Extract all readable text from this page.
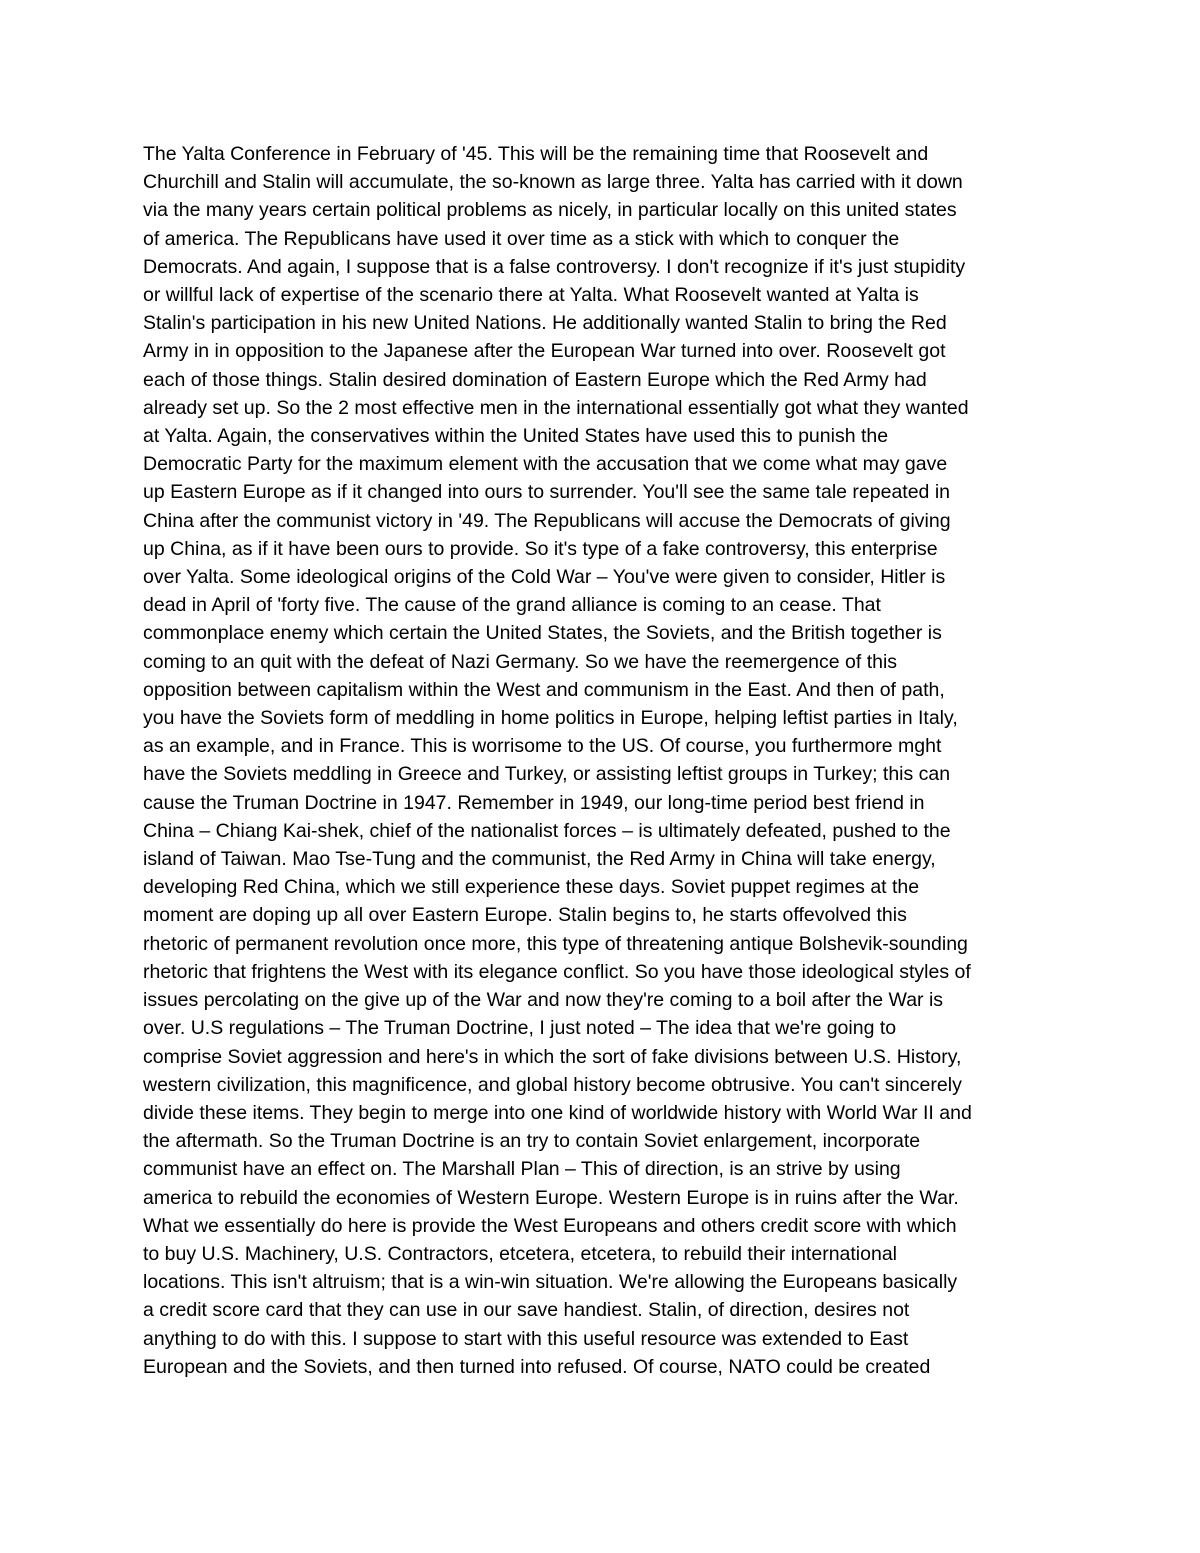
The Yalta Conference in February of '45. This will be the remaining time that Roosevelt and
Churchill and Stalin will accumulate, the so-known as large three. Yalta has carried with it down
via the many years certain political problems as nicely, in particular locally on this united states
of america. The Republicans have used it over time as a stick with which to conquer the
Democrats. And again, I suppose that is a false controversy. I don't recognize if it's just stupidity
or willful lack of expertise of the scenario there at Yalta. What Roosevelt wanted at Yalta is
Stalin's participation in his new United Nations. He additionally wanted Stalin to bring the Red
Army in in opposition to the Japanese after the European War turned into over. Roosevelt got
each of those things. Stalin desired domination of Eastern Europe which the Red Army had
already set up. So the 2 most effective men in the international essentially got what they wanted
at Yalta. Again, the conservatives within the United States have used this to punish the
Democratic Party for the maximum element with the accusation that we come what may gave
up Eastern Europe as if it changed into ours to surrender. You'll see the same tale repeated in
China after the communist victory in '49. The Republicans will accuse the Democrats of giving
up China, as if it have been ours to provide. So it's type of a fake controversy, this enterprise
over Yalta. Some ideological origins of the Cold War – You've were given to consider, Hitler is
dead in April of 'forty five. The cause of the grand alliance is coming to an cease. That
commonplace enemy which certain the United States, the Soviets, and the British together is
coming to an quit with the defeat of Nazi Germany. So we have the reemergence of this
opposition between capitalism within the West and communism in the East. And then of path,
you have the Soviets form of meddling in home politics in Europe, helping leftist parties in Italy,
as an example, and in France. This is worrisome to the US. Of course, you furthermore mght
have the Soviets meddling in Greece and Turkey, or assisting leftist groups in Turkey; this can
cause the Truman Doctrine in 1947. Remember in 1949, our long-time period best friend in
China – Chiang Kai-shek, chief of the nationalist forces – is ultimately defeated, pushed to the
island of Taiwan. Mao Tse-Tung and the communist, the Red Army in China will take energy,
developing Red China, which we still experience these days. Soviet puppet regimes at the
moment are doping up all over Eastern Europe. Stalin begins to, he starts offevolved this
rhetoric of permanent revolution once more, this type of threatening antique Bolshevik-sounding
rhetoric that frightens the West with its elegance conflict. So you have those ideological styles of
issues percolating on the give up of the War and now they're coming to a boil after the War is
over. U.S regulations – The Truman Doctrine, I just noted – The idea that we're going to
comprise Soviet aggression and here's in which the sort of fake divisions between U.S. History,
western civilization, this magnificence, and global history become obtrusive. You can't sincerely
divide these items. They begin to merge into one kind of worldwide history with World War II and
the aftermath. So the Truman Doctrine is an try to contain Soviet enlargement, incorporate
communist have an effect on. The Marshall Plan – This of direction, is an strive by using
america to rebuild the economies of Western Europe. Western Europe is in ruins after the War.
What we essentially do here is provide the West Europeans and others credit score with which
to buy U.S. Machinery, U.S. Contractors, etcetera, etcetera, to rebuild their international
locations. This isn't altruism; that is a win-win situation. We're allowing the Europeans basically
a credit score card that they can use in our save handiest. Stalin, of direction, desires not
anything to do with this. I suppose to start with this useful resource was extended to East
European and the Soviets, and then turned into refused. Of course, NATO could be created
